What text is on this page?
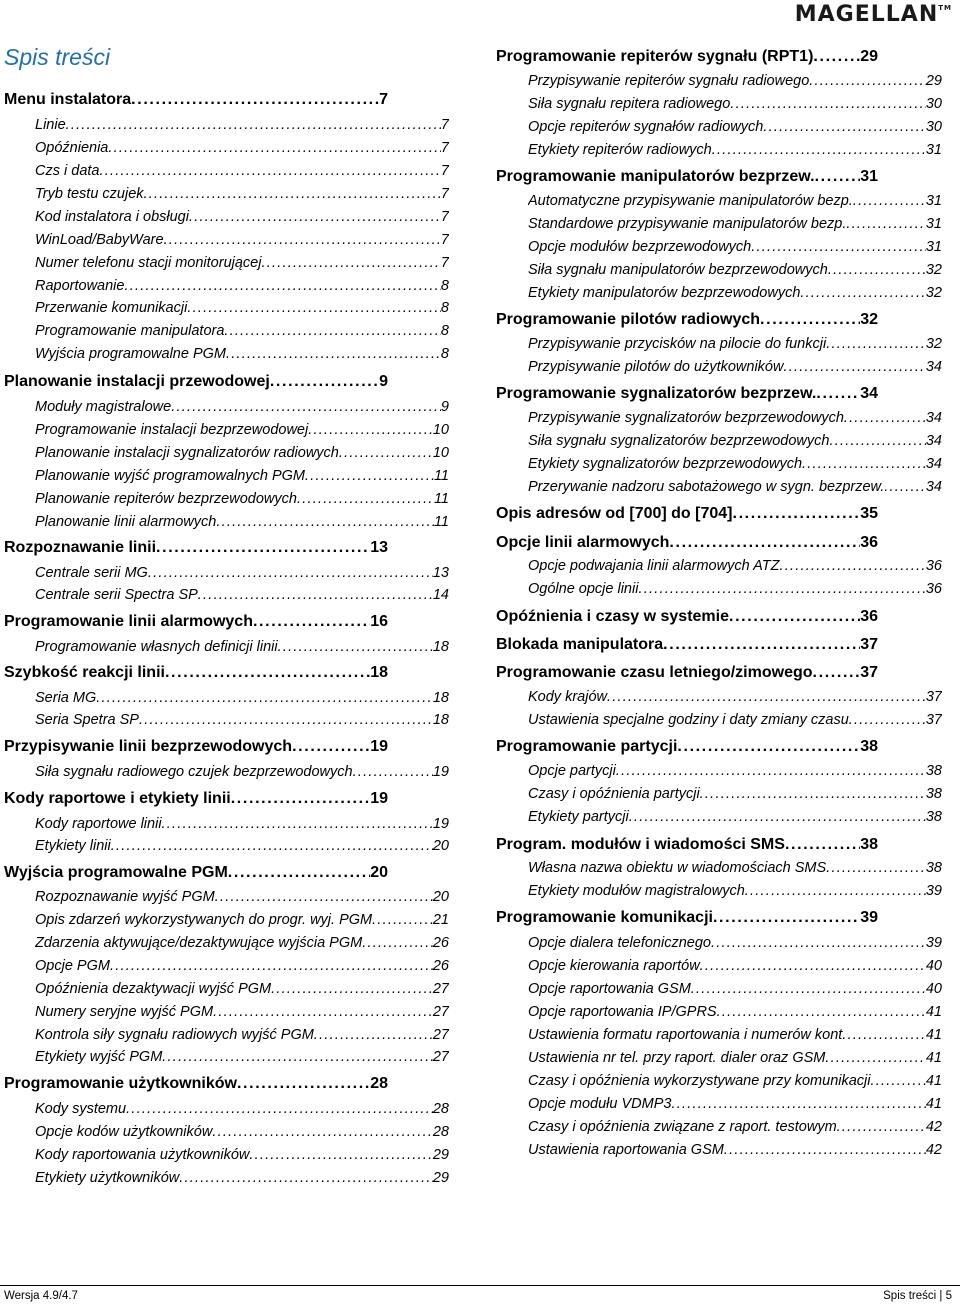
MAGELLAN™
Spis treści
Menu instalatora . . .	7
Linie . . .	7
Opóźnienia . . .	7
Czs i data . . .	7
Tryb testu czujek . . .	7
Kod instalatora i obsługi . . .	7
WinLoad/BabyWare . . .	7
Numer telefonu stacji monitorującej . . .	7
Raportowanie . . .	8
Przerwanie komunikacji . . .	8
Programowanie manipulatora . . .	8
Wyjścia programowalne PGM . . .	8
Planowanie instalacji przewodowej . . .	9
Moduły magistralowe . . .	9
Programowanie instalacji bezprzewodowej . . .	10
Planowanie instalacji sygnalizatorów radiowych . . .	10
Planowanie wyjść programowalnych PGM . . .	11
Planowanie repiterów bezprzewodowych . . .	11
Planowanie linii alarmowych . . .	11
Rozpoznawanie linii . . .	13
Centrale serii MG . . .	13
Centrale serii Spectra SP . . .	14
Programowanie linii alarmowych . . .	16
Programowanie własnych definicji linii . . .	18
Szybkość reakcji linii . . .	18
Seria MG . . .	18
Seria Spetra SP . . .	18
Przypisywanie linii bezprzewodowych . . .	19
Siła sygnału radiowego czujek bezprzewodowych . . .	19
Kody raportowe i etykiety linii . . .	19
Kody raportowe linii . . .	19
Etykiety linii . . .	20
Wyjścia programowalne PGM . . .	20
Rozpoznawanie wyjść PGM . . .	20
Opis zdarzeń wykorzystywanych do progr. wyj. PGM . . .	21
Zdarzenia aktywujące/dezaktywujące wyjścia PGM . . .	26
Opcje PGM . . .	26
Opóźnienia dezaktywacji wyjść PGM . . .	27
Numery seryjne wyjść PGM . . .	27
Kontrola siły sygnału radiowych wyjść PGM . . .	27
Etykiety wyjść PGM . . .	27
Programowanie użytkowników . . .	28
Kody systemu . . .	28
Opcje kodów użytkowników . . .	28
Kody raportowania użytkowników . . .	29
Etykiety użytkowników . . .	29
Programowanie repiterów sygnału (RPT1) . . .	29
Przypisywanie repiterów sygnału radiowego . . .	29
Siła sygnału repitera radiowego . . .	30
Opcje repiterów sygnałów radiowych . . .	30
Etykiety repiterów radiowych . . .	31
Programowanie manipulatorów bezprzew. . . .	31
Automatyczne przypisywanie manipulatorów bezp. . . .	31
Standardowe przypisywanie manipulatorów bezp. . . .	31
Opcje modułów bezprzewodowych . . .	31
Siła sygnału manipulatorów bezprzewodowych . . .	32
Etykiety manipulatorów bezprzewodowych . . .	32
Programowanie pilotów radiowych . . .	32
Przypisywanie przycisków na pilocie do funkcji . . .	32
Przypisywanie pilotów do użytkowników . . .	34
Programowanie sygnalizatorów bezprzew. . . .	34
Przypisywanie sygnalizatorów bezprzewodowych . . .	34
Siła sygnału sygnalizatorów bezprzewodowych . . .	34
Etykiety sygnalizatorów bezprzewodowych . . .	34
Przerywanie nadzoru sabotażowego w sygn. bezprzew. . . .	34
Opis adresów od [700] do [704] . . .	35
Opcje linii alarmowych . . .	36
Opcje podwajania linii alarmowych ATZ . . .	36
Ogólne opcje linii . . .	36
Opóźnienia i czasy w systemie . . .	36
Blokada manipulatora . . .	37
Programowanie czasu letniego/zimowego . . .	37
Kody krajów . . .	37
Ustawienia specjalne godziny i daty zmiany czasu . . .	37
Programowanie partycji . . .	38
Opcje partycji . . .	38
Czasy i opóźnienia partycji . . .	38
Etykiety partycji . . .	38
Program. modułów i wiadomości SMS . . .	38
Własna nazwa obiektu w wiadomościach SMS . . .	38
Etykiety modułów magistralowych . . .	39
Programowanie komunikacji . . .	39
Opcje dialera telefonicznego . . .	39
Opcje kierowania raportów . . .	40
Opcje raportowania GSM . . .	40
Opcje raportowania IP/GPRS . . .	41
Ustawienia formatu raportowania i numerów kont . . .	41
Ustawienia nr tel. przy raport. dialer oraz GSM . . .	41
Czasy i opóźnienia wykorzystywane przy komunikacji . . .	41
Opcje modułu VDMP3 . . .	41
Czasy i opóźnienia związane z raport. testowym . . .	42
Ustawienia raportowania GSM . . .	42
Wersja 4.9/4.7	Spis treści | 5
